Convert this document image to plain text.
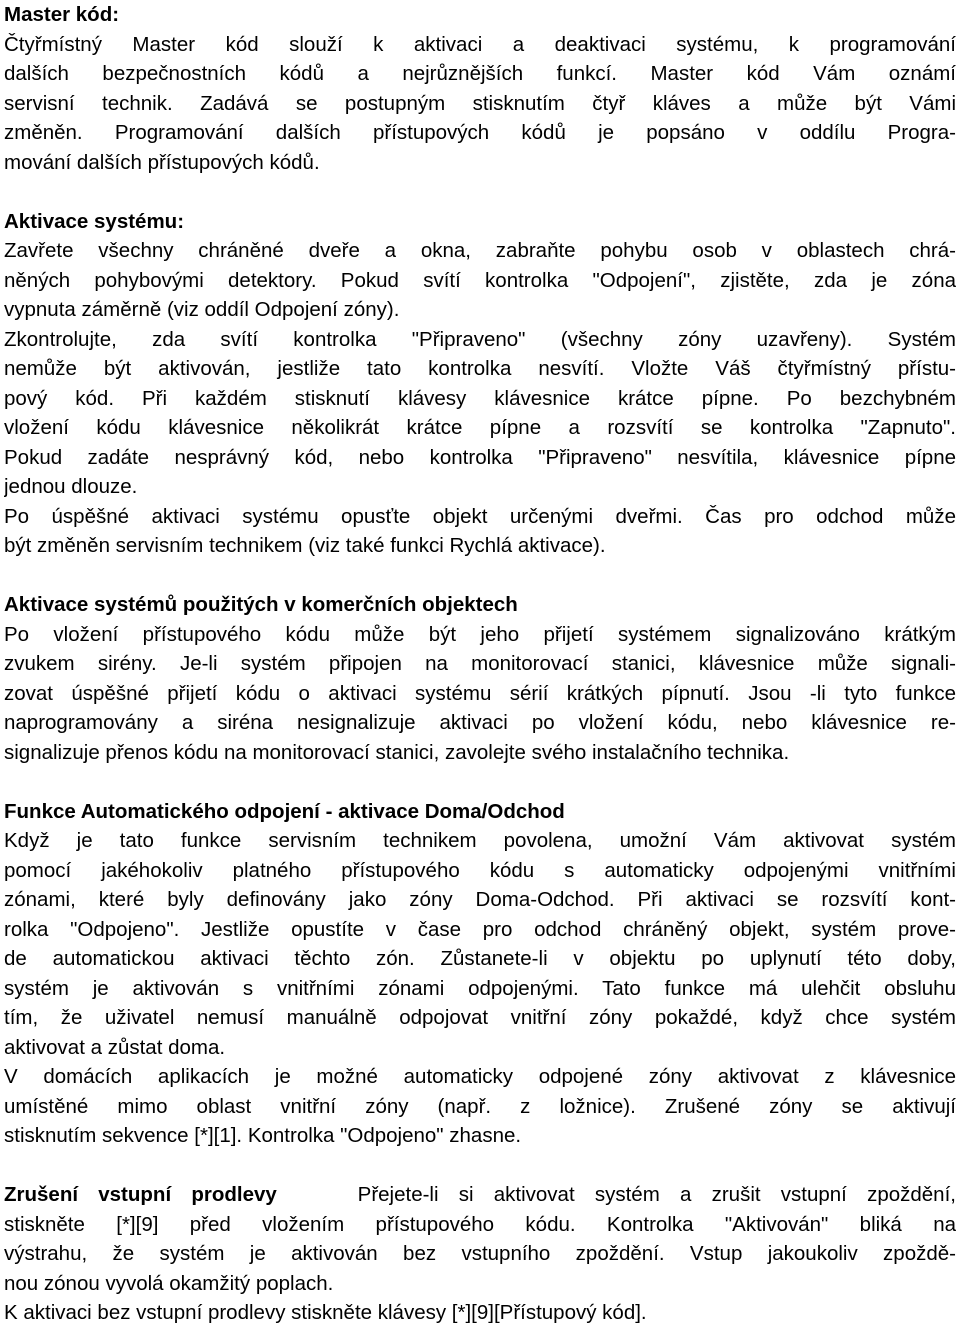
Master kód:
Čtyřmístný Master kód slouží k aktivaci a deaktivaci systému, k programování
dalších bezpečnostních kódů a nejrůznějších funkcí. Master kód Vám oznámí
servisní technik. Zadává se postupným stisknutím čtyř kláves a může být Vámi
změněn. Programování dalších přístupových kódů je popsáno v oddílu Progra-
mování dalších přístupových kódů.
Aktivace systému:
Zavřete všechny chráněné dveře a okna, zabraňte pohybu osob v oblastech chrá-
něných pohybovými detektory. Pokud svítí kontrolka "Odpojení", zjistěte, zda je zóna
vypnuta záměrně (viz oddíl Odpojení zóny).
Zkontrolujte, zda svítí kontrolka "Připraveno" (všechny zóny uzavřeny). Systém
nemůže být aktivován, jestliže tato kontrolka nesvítí. Vložte Váš čtyřmístný přístu-
pový kód. Při každém stisknutí klávesy klávesnice krátce pípne. Po bezchybném
vložení kódu klávesnice několikrát krátce pípne a rozsvítí se kontrolka "Zapnuto".
Pokud zadáte nesprávný kód, nebo kontrolka "Připraveno" nesvítila, klávesnice pípne
jednou dlouze.
Po úspěšné aktivaci systému opusťte objekt určenými dveřmi. Čas pro odchod může
být změněn servisním technikem (viz také funkci Rychlá aktivace).
Aktivace systémů použitých v komerčních objektech
Po vložení přístupového kódu může být jeho přijetí systémem signalizováno krátkým
zvukem sirény. Je-li systém připojen na monitorovací stanici, klávesnice může signali-
zovat úspěšné přijetí kódu o aktivaci systému sérií krátkých pípnutí. Jsou -li tyto funkce
naprogramovány a siréna nesignalizuje aktivaci po vložení kódu, nebo klávesnice re-
signalizuje přenos kódu na monitorovací stanici, zavolejte svého instalačního technika.
Funkce Automatického odpojení - aktivace Doma/Odchod
Když je tato funkce servisním technikem povolena, umožní Vám aktivovat systém
pomocí jakéhokoliv platného přístupového kódu s automaticky odpojenými vnitřními
zónami, které byly definovány jako zóny Doma-Odchod. Při aktivaci se rozsvítí kont-
rolka "Odpojeno". Jestliže opustíte v čase pro odchod chráněný objekt, systém prove-
de automatickou aktivaci těchto zón. Zůstanete-li v objektu po uplynutí této doby,
systém je aktivován s vnitřními zónami odpojenými. Tato funkce má ulehčit obsluhu
tím, že uživatel nemusí manuálně odpojovat vnitřní zóny pokaždé, když chce systém
aktivovat a zůstat doma.
V domácích aplikacích je možné automaticky odpojené zóny aktivovat z klávesnice
umístěné mimo oblast vnitřní zóny (např. z ložnice). Zrušené zóny se aktivují
stisknutím sekvence [*][1]. Kontrolka "Odpojeno" zhasne.
Zrušení vstupní prodlevy	Přejete-li si aktivovat systém a zrušit vstupní zpoždění,
stiskněte [*][9] před vložením přístupového kódu. Kontrolka "Aktivován" bliká na
výstrahu, že systém je aktivován bez vstupního zpoždění. Vstup jakoukoliv zpoždě-
nou zónou vyvolá okamžitý poplach.
K aktivaci bez vstupní prodlevy stiskněte klávesy [*][9][Přístupový kód].
